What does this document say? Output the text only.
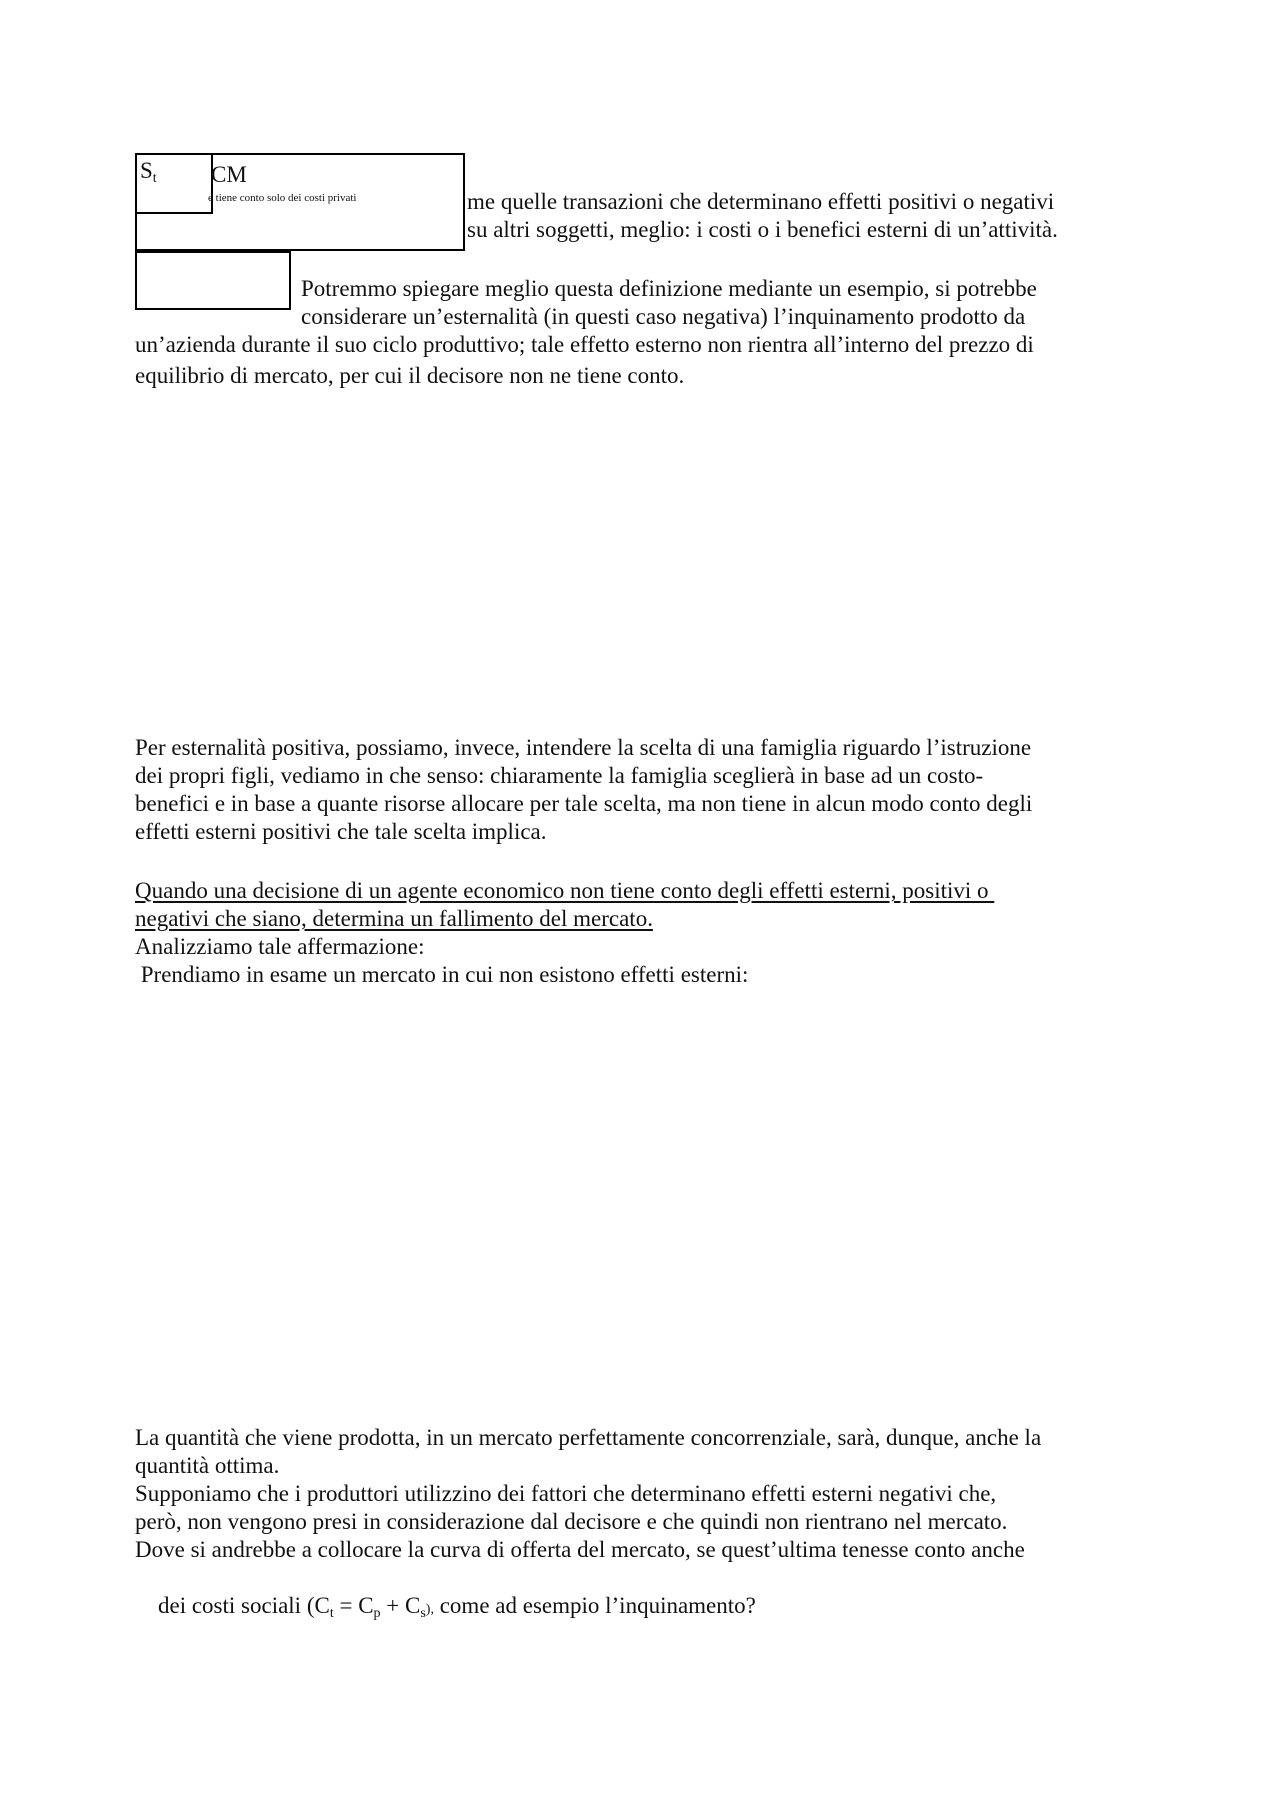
$S_t$ CM
e tiene conto solo dei costi privati	me quelle transazioni che determinano effetti positivi o negativi
su altri soggetti, meglio: i costi o i benefici esterni di un’attività.
Potremmo spiegare meglio questa definizione mediante un esempio, si potrebbe
considerare un’esternalità (in questi caso negativa) l’inquinamento prodotto da
un’azienda durante il suo ciclo produttivo; tale effetto esterno non rientra all’interno del prezzo di
equilibrio di mercato, per cui il decisore non ne tiene conto.
Per esternalità positiva, possiamo, invece, intendere la scelta di una famiglia riguardo l’istruzione
dei propri figli, vediamo in che senso: chiaramente la famiglia sceglierà in base ad un costo-
benefici e in base a quante risorse allocare per tale scelta, ma non tiene in alcun modo conto degli
effetti esterni positivi che tale scelta implica.
Quando una decisione di un agente economico non tiene conto degli effetti esterni, positivi o
negativi che siano, determina un fallimento del mercato.
Analizziamo tale affermazione:
Prendiamo in esame un mercato in cui non esistono effetti esterni:
La quantità che viene prodotta, in un mercato perfettamente concorrenziale, sarà, dunque, anche la
quantità ottima.
Supponiamo che i produttori utilizzino dei fattori che determinano effetti esterni negativi che,
però, non vengono presi in considerazione dal decisore e che quindi non rientrano nel mercato.
Dove si andrebbe a collocare la curva di offerta del mercato, se quest’ultima tenesse conto anche

dei costi sociali $(C_t = C_p + C_s)$, come ad esempio l’inquinamento?
